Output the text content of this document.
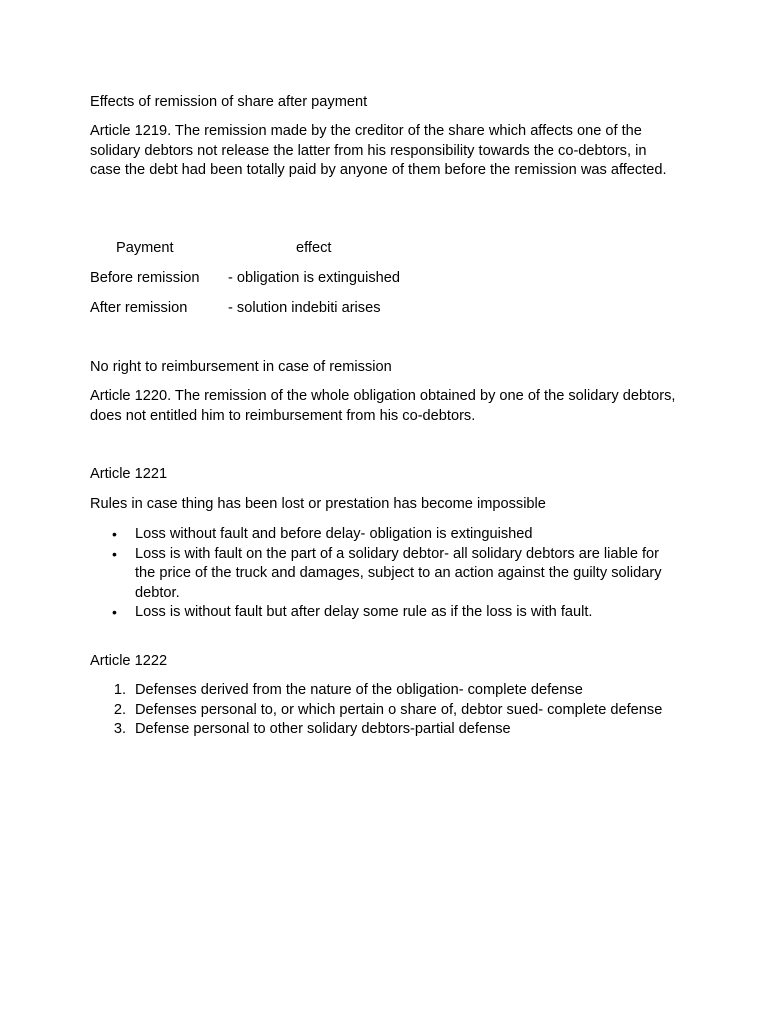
Effects of remission of share after payment

Article 1219. The remission made by the creditor of the share which affects one of the solidary debtors not release the latter from his responsibility towards the co-debtors, in case the debt had been totally paid by anyone of them before the remission was affected.

Payment	effect

Before remission - obligation is extinguished

After remission	- solution indebiti arises

No right to reimbursement in case of remission

Article 1220. The remission of the whole obligation obtained by one of the solidary debtors, does not entitled him to reimbursement from his co-debtors.

Article 1221

Rules in case thing has been lost or prestation has become impossible

• Loss without fault and before delay- obligation is extinguished
• Loss is with fault on the part of a solidary debtor- all solidary debtors are liable for the price of the truck and damages, subject to an action against the guilty solidary debtor.
• Loss is without fault but after delay some rule as if the loss is with fault.

Article 1222

1. Defenses derived from the nature of the obligation- complete defense
2. Defenses personal to, or which pertain o share of, debtor sued- complete defense
3. Defense personal to other solidary debtors-partial defense
